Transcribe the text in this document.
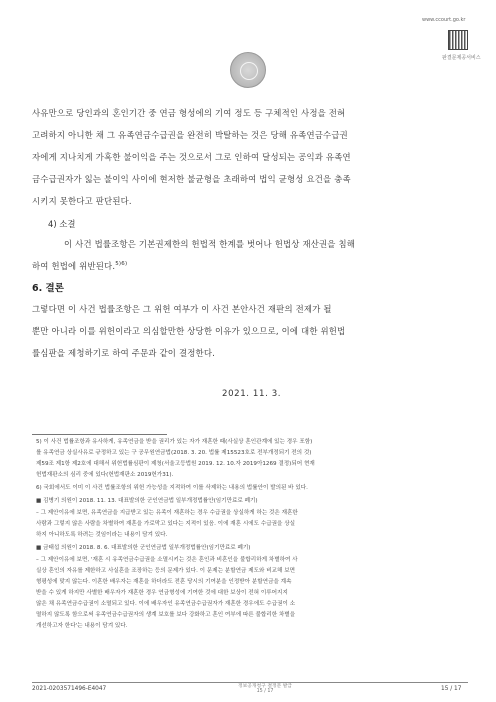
www.ccourt.go.kr
판결문제공서비스
사유만으로 당인과의 혼인기간 중 연금 형성에의 기여 정도 등 구체적인 사정을 전혀
고려하지 아니한 채 그 유족연금수급권을 완전히 박탈하는 것은 당해 유족연금수급권
자에게 지나치게 가혹한 불이익을 주는 것으로서 그로 인하여 달성되는 공익과 유족연
금수급권자가 잃는 불이익 사이에 현저한 불균형을 초래하여 법익 균형성 요건을 충족
시키지 못한다고 판단된다.
4) 소결
이 사건 법률조항은 기본권제한의 헌법적 한계를 벗어나 헌법상 재산권을 침해
하여 헌법에 위반된다.$^{5)6)}$
6. 결론
그렇다면 이 사건 법률조항은 그 위헌 여부가 이 사건 본안사건 재판의 전제가 될
뿐만 아니라 이를 위헌이라고 의심할만한 상당한 이유가 있으므로, 이에 대한 위헌법
률심판을 제청하기로 하여 주문과 같이 결정한다.
2021. 11. 3.
5) 이 사건 법률조항과 유사하게, 유족연금을 받을 권리가 있는 자가 재혼한 때(사실상 혼인관계에 있는 경우 포함)
를 유족연금 상실사유로 규정하고 있는 구 공무원연금법(2018. 3. 20. 법률 제15523호로 전부개정되기 전의 것)
제59조 제1항 제2호에 대해서 위헌법률심판이 제청(서울고등법원 2019. 12. 10.자 2019아1269 결정)되어 현재
헌법재판소의 심리 중에 있다(헌법재판소 2019헌가31).
6) 국회에서도 이미 이 사건 법률조항의 위헌 가능성을 지적하여 이를 삭제하는 내용의 법률안이 발의된 바 있다.
■ 김병기 의원이 2018. 11. 13. 대표발의한 군인연금법 일부개정법률안(임기만료로 폐기)
– 그 제안이유에 보면, 유족연금을 지급받고 있는 유족이 재혼하는 경우 수급권을 상실하게 하는 것은 재혼한
사람과 그렇지 않은 사람을 차별하여 재혼을 가로막고 있다는 지적이 있음. 이에 재혼 시에도 수급권을 상실
하지 아니하도록 하려는 것임이라는 내용이 담겨 있다.
■ 금태섭 의원이 2018. 8. 6. 대표발의한 군인연금법 일부개정법률안(임기만료로 폐기)
– 그 제안이유에 보면, '재혼 시 유족연금수급권을 소멸시키는 것은 혼인과 비혼인을 불합리하게 차별하여 사
실상 혼인의 자유를 제한하고 사실혼을 조장하는 등의 문제가 있다. 이 문제는 분할연금 제도와 비교해 보면
형평성에 맞지 않는다. 이혼한 배우자는 재혼을 하더라도 전혼 당시의 기여분을 인정받아 분할연금을 계속
받을 수 있게 하지만 사별한 배우자가 재혼한 경우 연금형성에 기여한 것에 대한 보상이 전혀 이루어지지
않은 채 유족연금수급권이 소멸되고 있다. 이에 배우자인 유족연금수급권자가 재혼한 경우에도 수급권이 소
멸하지 않도록 함으로써 유족연금수급권자의 생계 보호를 보다 강화하고 혼인 여부에 따른 불합리한 차별을
개선하고자 한다'는 내용이 담겨 있다.
2021-0203571496-E4047	정보공개청구 결정문 발급
15 / 17	15 / 17
